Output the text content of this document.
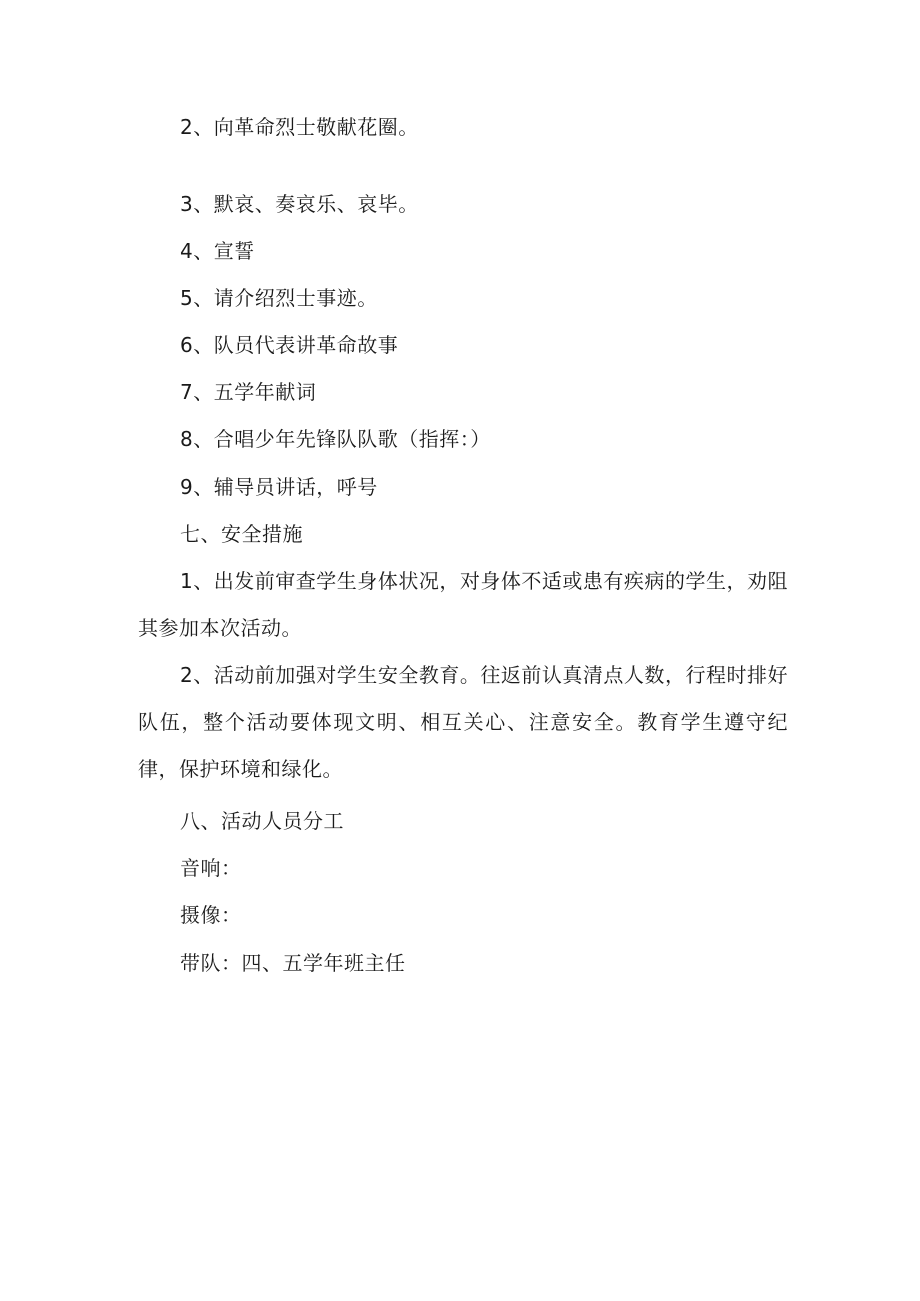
2、向革命烈士敬献花圈。
3、默哀、奏哀乐、哀毕。
4、宣誓
5、请介绍烈士事迹。
6、队员代表讲革命故事
7、五学年献词
8、合唱少年先锋队队歌（指挥：）
9、辅导员讲话，呼号
七、安全措施
1、出发前审查学生身体状况，对身体不适或患有疾病的学生，劝阻其参加本次活动。
2、活动前加强对学生安全教育。往返前认真清点人数，行程时排好队伍，整个活动要体现文明、相互关心、注意安全。教育学生遵守纪律，保护环境和绿化。
八、活动人员分工
音响：
摄像：
带队：四、五学年班主任
